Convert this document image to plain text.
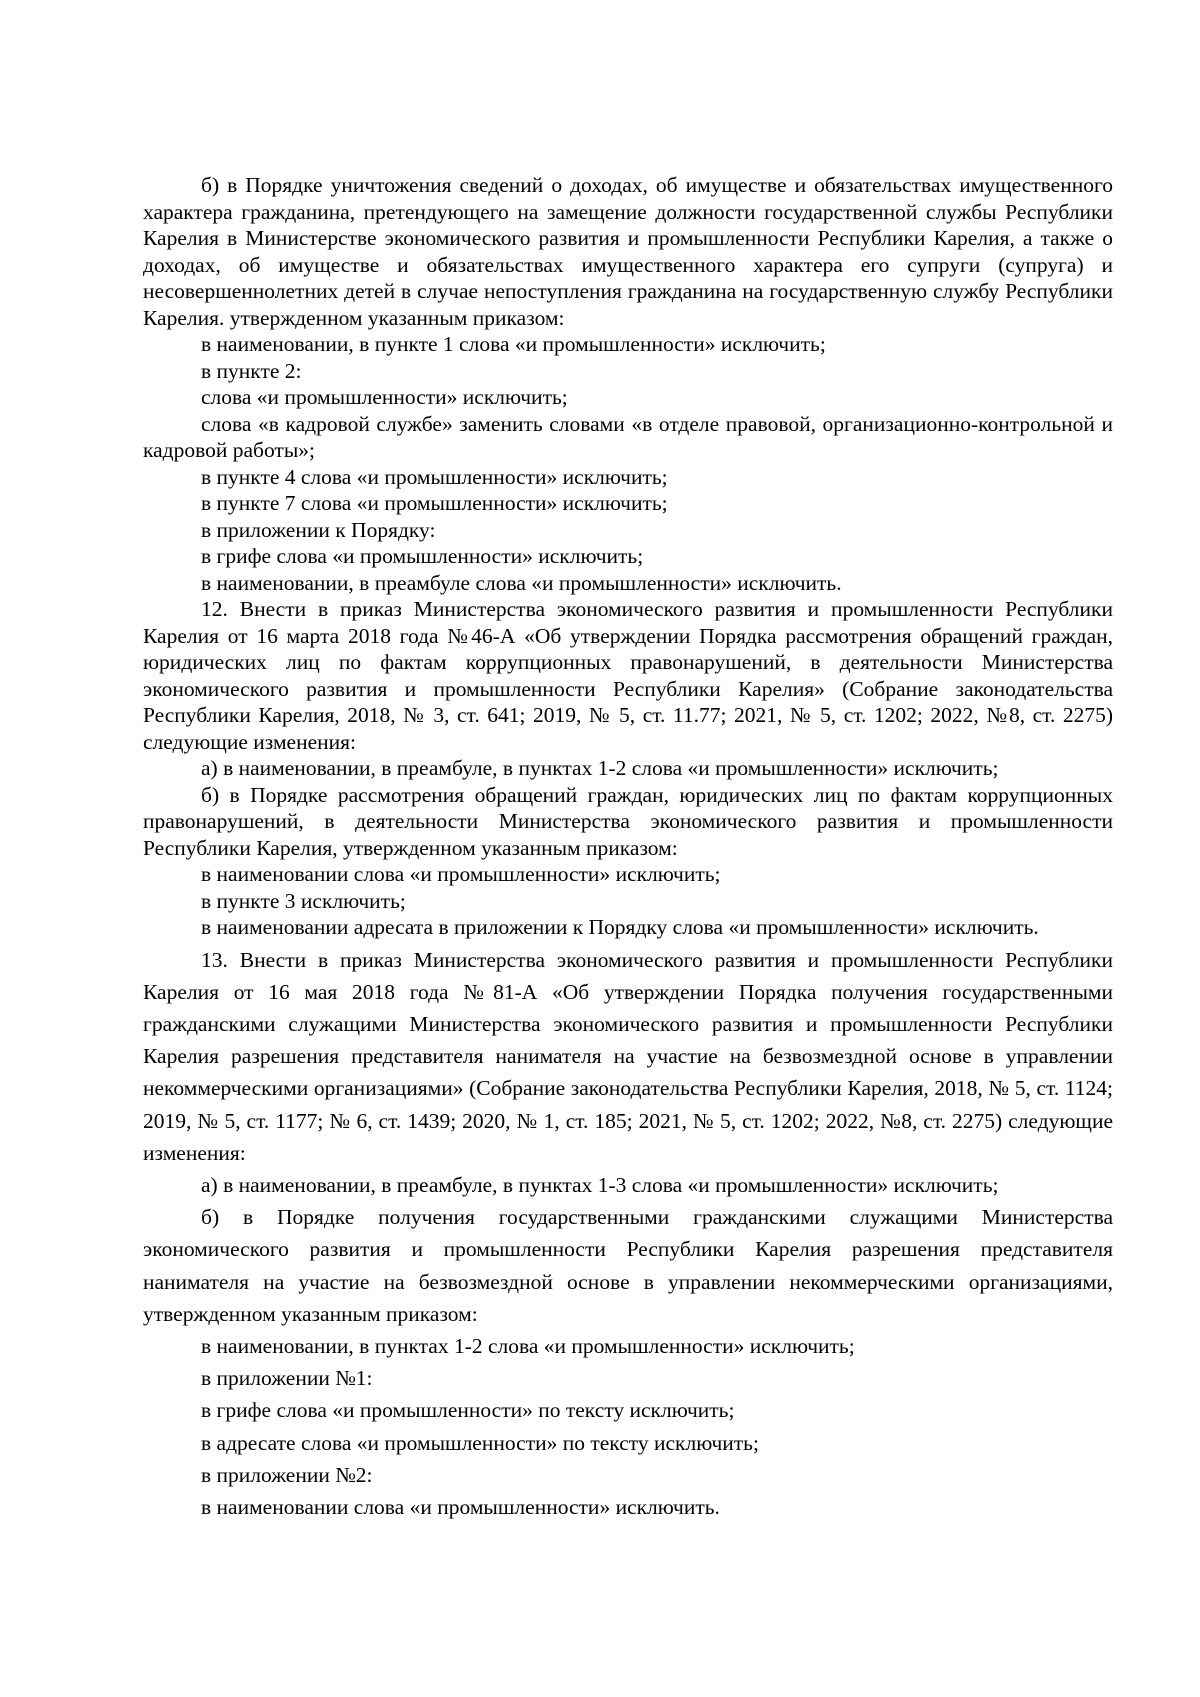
б) в Порядке уничтожения сведений о доходах, об имуществе и обязательствах имущественного характера гражданина, претендующего на замещение должности государственной службы Республики Карелия в Министерстве экономического развития и промышленности Республики Карелия, а также о доходах, об имуществе и обязательствах имущественного характера его супруги (супруга) и несовершеннолетних детей в случае непоступления гражданина на государственную службу Республики Карелия. утвержденном указанным приказом:

в наименовании, в пункте 1 слова «и промышленности» исключить;

в пункте 2:

слова «и промышленности» исключить;

слова «в кадровой службе» заменить словами «в отделе правовой, организационно-контрольной и кадровой работы»;

в пункте 4 слова «и промышленности» исключить;

в пункте 7 слова «и промышленности» исключить;

в приложении к Порядку:

в грифе слова «и промышленности» исключить;

в наименовании, в преамбуле слова «и промышленности» исключить.

12. Внести в приказ Министерства экономического развития и промышленности Республики Карелия от 16 марта 2018 года №46-А «Об утверждении Порядка рассмотрения обращений граждан, юридических лиц по фактам коррупционных правонарушений, в деятельности Министерства экономического развития и промышленности Республики Карелия» (Собрание законодательства Республики Карелия, 2018, № 3, ст. 641; 2019, № 5, ст. 11.77; 2021, № 5, ст. 1202; 2022, №8, ст. 2275) следующие изменения:

а) в наименовании, в преамбуле, в пунктах 1-2 слова «и промышленности» исключить;

б) в Порядке рассмотрения обращений граждан, юридических лиц по фактам коррупционных правонарушений, в деятельности Министерства экономического развития и промышленности Республики Карелия, утвержденном указанным приказом:

в наименовании слова «и промышленности» исключить;

в пункте 3 исключить;

в наименовании адресата в приложении к Порядку слова «и промышленности» исключить.

13. Внести в приказ Министерства экономического развития и промышленности Республики Карелия от 16 мая 2018 года №81-А «Об утверждении Порядка получения государственными гражданскими служащими Министерства экономического развития и промышленности Республики Карелия разрешения представителя нанимателя на участие на безвозмездной основе в управлении некоммерческими организациями» (Собрание законодательства Республики Карелия, 2018, № 5, ст. 1124; 2019, № 5, ст. 1177; № 6, ст. 1439; 2020, № 1, ст. 185; 2021, № 5, ст. 1202; 2022, №8, ст. 2275) следующие изменения:

а) в наименовании, в преамбуле, в пунктах 1-3 слова «и промышленности» исключить;

б) в Порядке получения государственными гражданскими служащими Министерства экономического развития и промышленности Республики Карелия разрешения представителя нанимателя на участие на безвозмездной основе в управлении некоммерческими организациями, утвержденном указанным приказом:

в наименовании, в пунктах 1-2 слова «и промышленности» исключить;

в приложении №1:

в грифе слова «и промышленности» по тексту исключить;

в адресате слова «и промышленности» по тексту исключить;

в приложении №2:

в наименовании слова «и промышленности» исключить.
